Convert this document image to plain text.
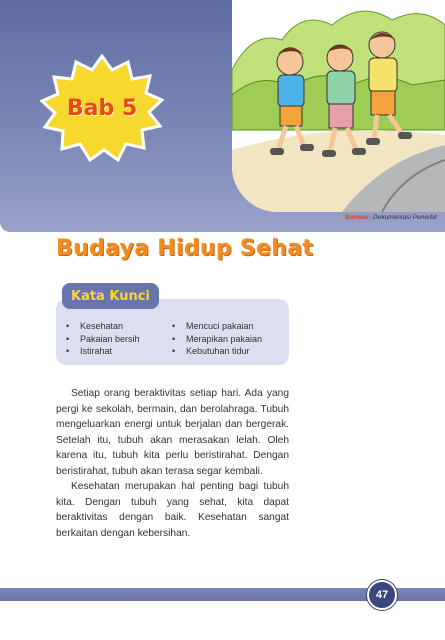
Sumber: Dokumentasi Penerbit
Bab 5
Budaya Hidup Sehat
Kata Kunci
• Kesehatan
• Pakaian bersih
• Istirahat
• Mencuci pakaian
• Merapikan pakaian
• Kebutuhan tidur

Setiap orang beraktivitas setiap hari. Ada yang pergi ke sekolah, bermain, dan berolahraga. Tubuh mengeluarkan energi untuk berjalan dan bergerak. Setelah itu, tubuh akan merasakan lelah. Oleh karena itu, tubuh kita perlu beristirahat. Dengan beristirahat, tubuh akan terasa segar kembali.

Kesehatan merupakan hal penting bagi tubuh kita. Dengan tubuh yang sehat, kita dapat beraktivitas dengan baik. Kesehatan sangat berkaitan dengan kebersihan.

47
